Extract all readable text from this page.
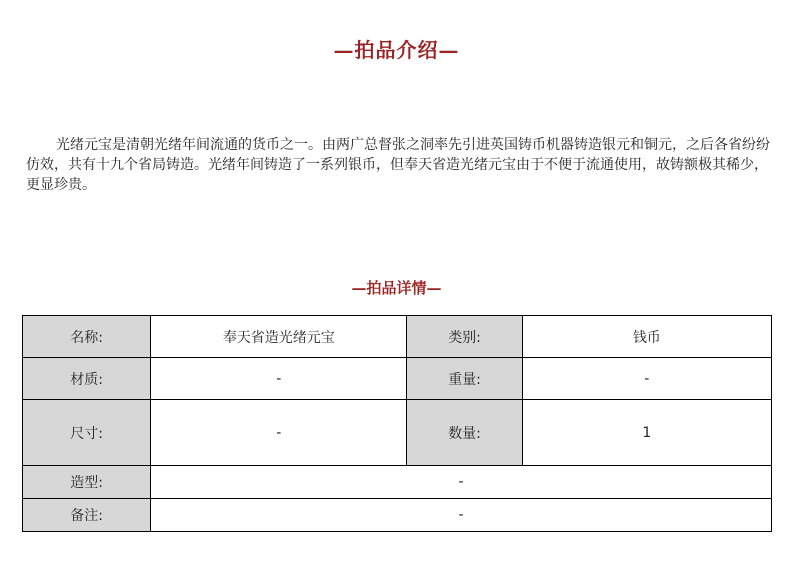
—拍品介绍—

光绪元宝是清朝光绪年间流通的货币之一。由两广总督张之洞率先引进英国铸币机器铸造银元和铜元，之后各省纷纷仿效，共有十九个省局铸造。光绪年间铸造了一系列银币，但奉天省造光绪元宝由于不便于流通使用，故铸额极其稀少，更显珍贵。

—拍品详情—
名称:	奉天省造光绪元宝	类别:	钱币
材质:	-	重量:	-
尺寸:	-	数量:	1
造型:	-		
备注:	-		
